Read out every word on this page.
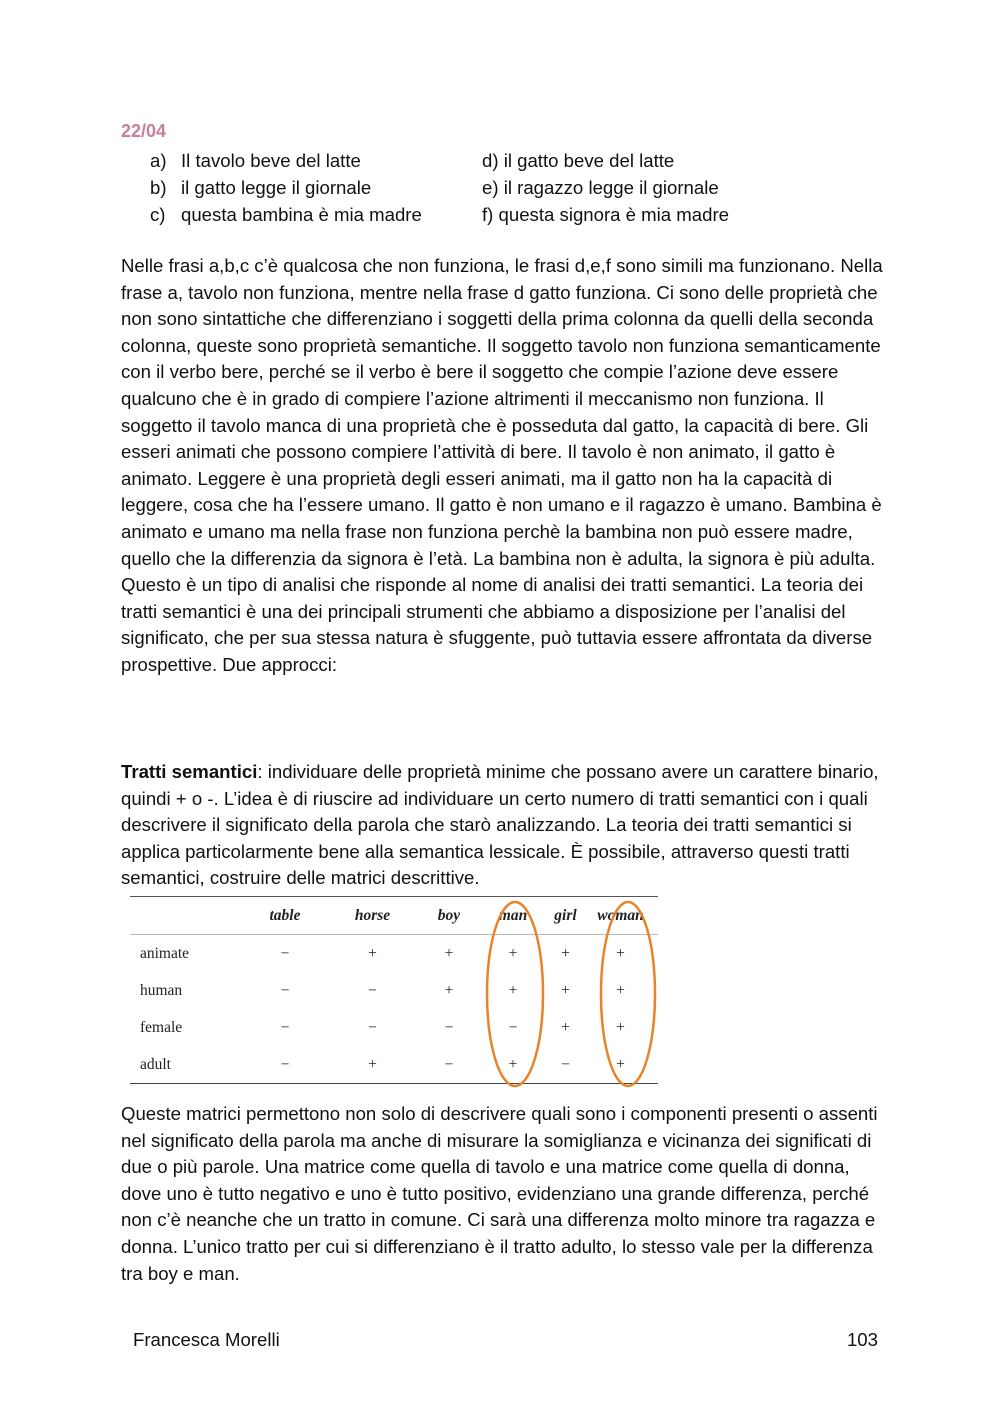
22/04
a) Il tavolo beve del latte	d) il gatto beve del latte
b) il gatto legge il giornale	e) il ragazzo legge il giornale
c) questa bambina è mia madre	f) questa signora è mia madre

Nelle frasi a,b,c c’è qualcosa che non funziona, le frasi d,e,f sono simili ma funzionano. Nella frase a, tavolo non funziona, mentre nella frase d gatto funziona. Ci sono delle proprietà che non sono sintattiche che differenziano i soggetti della prima colonna da quelli della seconda colonna, queste sono proprietà semantiche. Il soggetto tavolo non funziona semanticamente con il verbo bere, perché se il verbo è bere il soggetto che compie l’azione deve essere qualcuno che è in grado di compiere l’azione altrimenti il meccanismo non funziona. Il soggetto il tavolo manca di una proprietà che è posseduta dal gatto, la capacità di bere. Gli esseri animati che possono compiere l’attività di bere. Il tavolo è non animato, il gatto è animato. Leggere è una proprietà degli esseri animati, ma il gatto non ha la capacità di leggere, cosa che ha l’essere umano. Il gatto è non umano e il ragazzo è umano. Bambina è animato e umano ma nella frase non funziona perchè la bambina non può essere madre, quello che la differenzia da signora è l’età. La bambina non è adulta, la signora è più adulta.

Questo è un tipo di analisi che risponde al nome di analisi dei tratti semantici. La teoria dei tratti semantici è una dei principali strumenti che abbiamo a disposizione per l’analisi del significato, che per sua stessa natura è sfuggente, può tuttavia essere affrontata da diverse prospettive. Due approcci:

Tratti semantici: individuare delle proprietà minime che possano avere un carattere binario, quindi + o -. L’idea è di riuscire ad individuare un certo numero di tratti semantici con i quali descrivere il significato della parola che starò analizzando. La teoria dei tratti semantici si applica particolarmente bene alla semantica lessicale. È possibile, attraverso questi tratti semantici, costruire delle matrici descrittive.

	table	horse	boy	man	girl	woman
animate	−	+	+	+	+	+
human	−	−	+	+	+	+
female	−	−	−	−	+	+
adult	−	+	−	+	−	+

Queste matrici permettono non solo di descrivere quali sono i componenti presenti o assenti nel significato della parola ma anche di misurare la somiglianza e vicinanza dei significati di due o più parole. Una matrice come quella di tavolo e una matrice come quella di donna, dove uno è tutto negativo e uno è tutto positivo, evidenziano una grande differenza, perché non c’è neanche che un tratto in comune. Ci sarà una differenza molto minore tra ragazza e donna. L’unico tratto per cui si differenziano è il tratto adulto, lo stesso vale per la differenza tra boy e man.

Francesca Morelli	103
